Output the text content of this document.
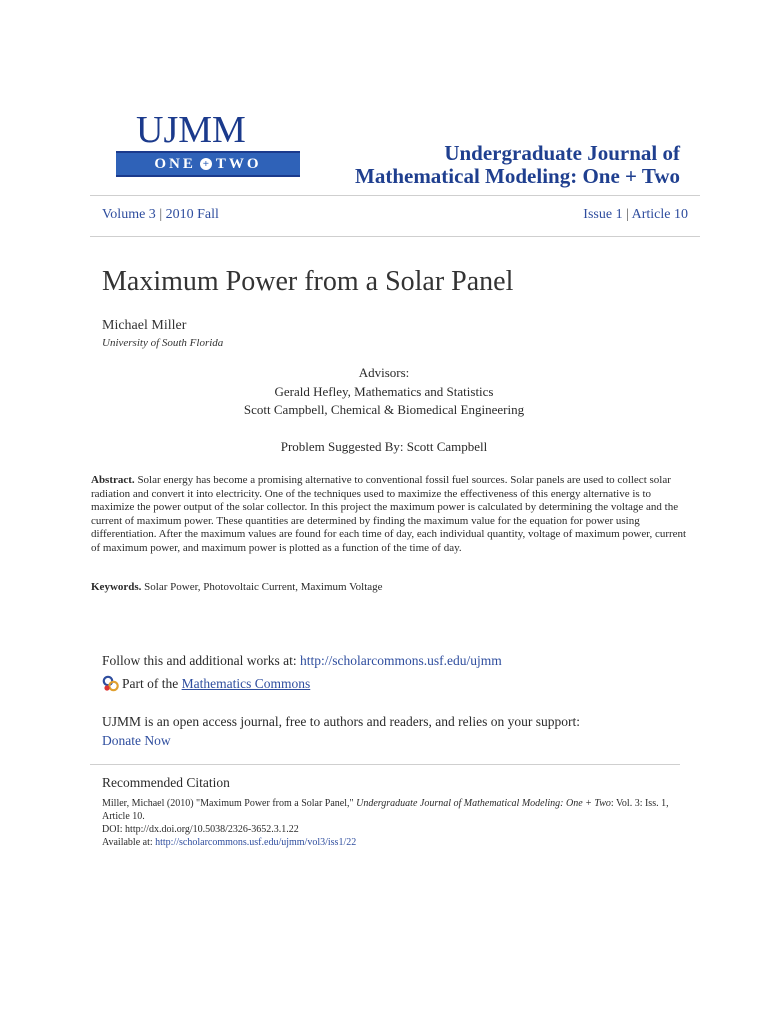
UJMM
ONE + TWO	Undergraduate Journal of
Mathematical Modeling: One + Two
Volume 3 | 2010 Fall	Issue 1 | Article 10
Maximum Power from a Solar Panel
Michael Miller
University of South Florida
Advisors:
Gerald Hefley, Mathematics and Statistics
Scott Campbell, Chemical & Biomedical Engineering
Problem Suggested By: Scott Campbell
Abstract. Solar energy has become a promising alternative to conventional fossil fuel sources. Solar panels are used to collect solar radiation and convert it into electricity. One of the techniques used to maximize the effectiveness of this energy alternative is to maximize the power output of the solar collector. In this project the maximum power is calculated by determining the voltage and the current of maximum power. These quantities are determined by finding the maximum value for the equation for power using differentiation. After the maximum values are found for each time of day, each individual quantity, voltage of maximum power, current of maximum power, and maximum power is plotted as a function of the time of day.
Keywords. Solar Power, Photovoltaic Current, Maximum Voltage
Follow this and additional works at: http://scholarcommons.usf.edu/ujmm
Part of the
Mathematics Commons
UJMM is an open access journal, free to authors and readers, and relies on your support:
Donate Now
Recommended Citation
Miller, Michael (2010) "Maximum Power from a Solar Panel," Undergraduate Journal of Mathematical Modeling: One + Two: Vol. 3: Iss. 1, Article 10.
DOI: http://dx.doi.org/10.5038/2326-3652.3.1.22
Available at: http://scholarcommons.usf.edu/ujmm/vol3/iss1/22
